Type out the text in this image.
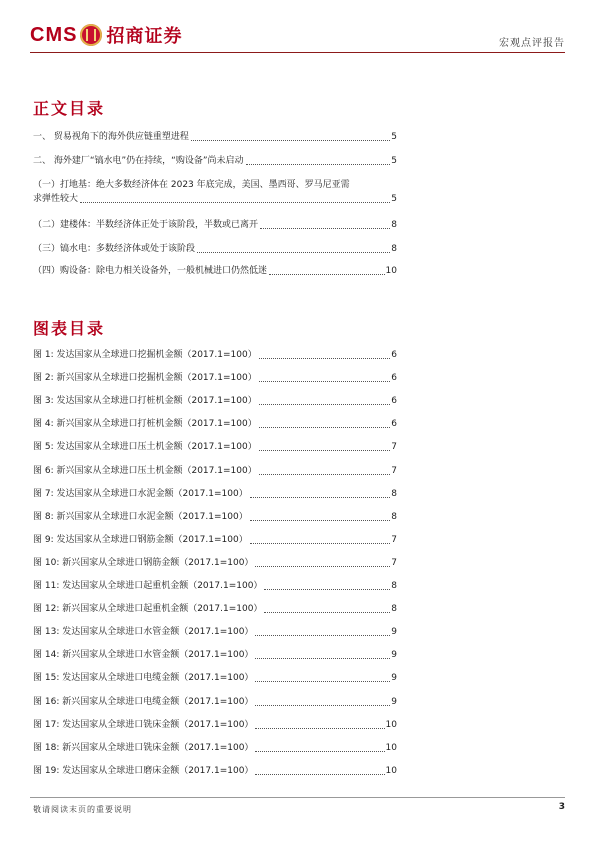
CMS 招商证券	宏观点评报告
正文目录
一、 贸易视角下的海外供应链重塑进程	5
二、 海外建厂“镐水电”仍在持续，“购设备”尚未启动	5
（一）打地基：绝大多数经济体在 2023 年底完成，美国、墨西哥、罗马尼亚需
求弹性较大	5
（二）建楼体：半数经济体正处于该阶段，半数或已离开	8
（三）镐水电：多数经济体或处于该阶段	8
（四）购设备：除电力相关设备外，一般机械进口仍然低迷	10
图表目录
图 1: 发达国家从全球进口挖掘机金额（2017.1=100）	6
图 2: 新兴国家从全球进口挖掘机金额（2017.1=100）	6
图 3: 发达国家从全球进口打桩机金额（2017.1=100）	6
图 4: 新兴国家从全球进口打桩机金额（2017.1=100）	6
图 5: 发达国家从全球进口压土机金额（2017.1=100）	7
图 6: 新兴国家从全球进口压土机金额（2017.1=100）	7
图 7: 发达国家从全球进口水泥金额（2017.1=100）	8
图 8: 新兴国家从全球进口水泥金额（2017.1=100）	8
图 9: 发达国家从全球进口钢筋金额（2017.1=100）	7
图 10: 新兴国家从全球进口钢筋金额（2017.1=100）	7
图 11: 发达国家从全球进口起重机金额（2017.1=100）	8
图 12: 新兴国家从全球进口起重机金额（2017.1=100）	8
图 13: 发达国家从全球进口水管金额（2017.1=100）	9
图 14: 新兴国家从全球进口水管金额（2017.1=100）	9
图 15: 发达国家从全球进口电缆金额（2017.1=100）	9
图 16: 新兴国家从全球进口电缆金额（2017.1=100）	9
图 17: 发达国家从全球进口铣床金额（2017.1=100）	10
图 18: 新兴国家从全球进口铣床金额（2017.1=100）	10
图 19: 发达国家从全球进口磨床金额（2017.1=100）	10
敬请阅读末页的重要说明	3
